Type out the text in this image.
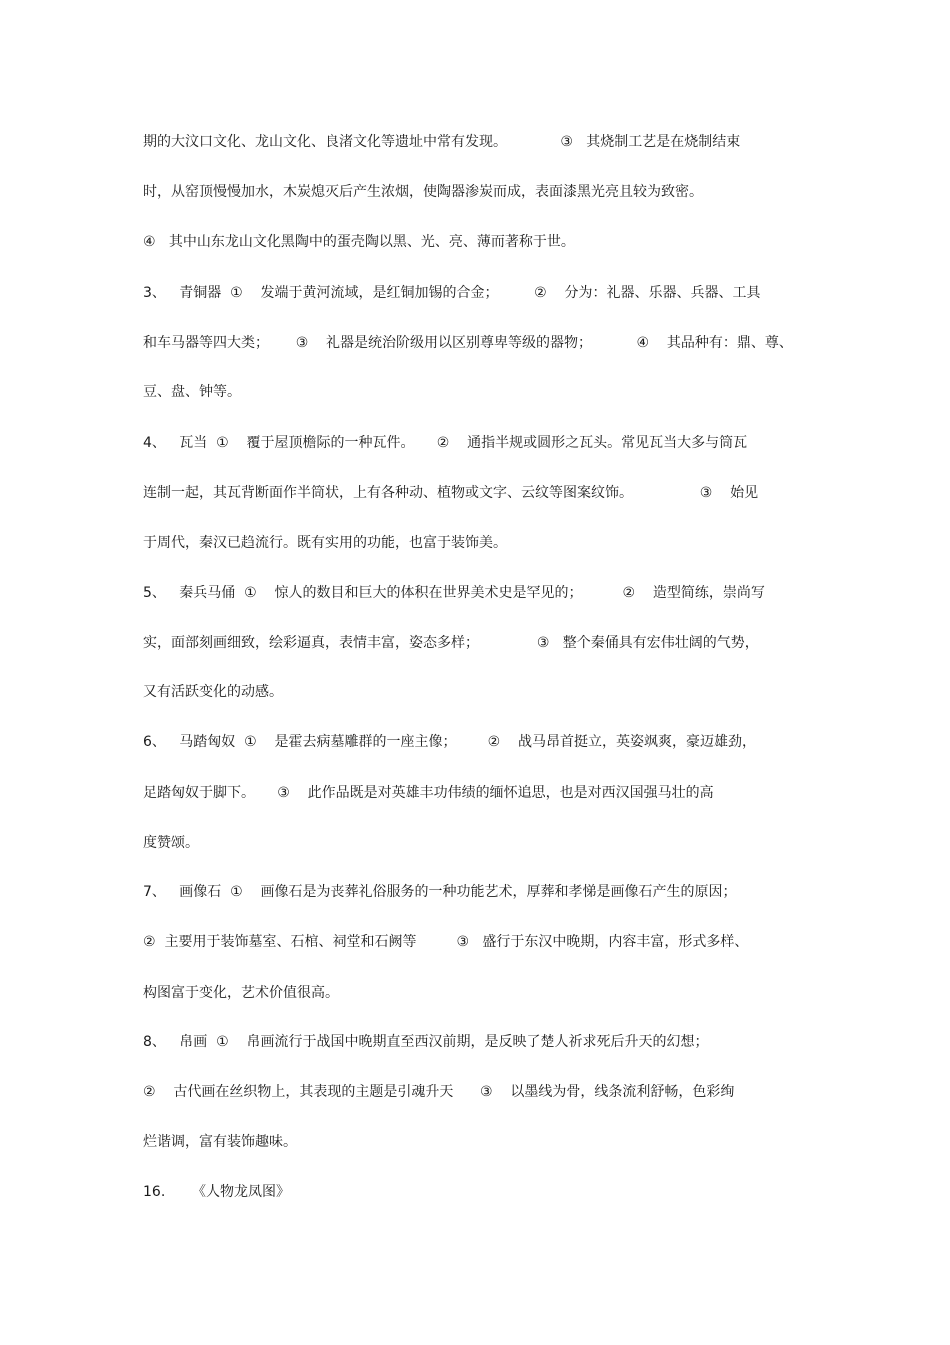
期的大汶口文化、龙山文化、良渚文化等遗址中常有发现。            ③   其烧制工艺是在烧制结束
时，从窑顶慢慢加水，木炭熄灭后产生浓烟，使陶器渗炭而成，表面漆黑光亮且较为致密。
④   其中山东龙山文化黑陶中的蛋壳陶以黑、光、亮、薄而著称于世。
3、   青铜器  ①    发端于黄河流域，是红铜加锡的合金；        ②    分为：礼器、乐器、兵器、工具
和车马器等四大类；      ③    礼器是统治阶级用以区别尊卑等级的器物；          ④    其品种有：鼎、尊、
豆、盘、钟等。
4、   瓦当  ①    覆于屋顶檐际的一种瓦件。     ②    通指半规或圆形之瓦头。常见瓦当大多与筒瓦
连制一起，其瓦背断面作半筒状，上有各种动、植物或文字、云纹等图案纹饰。               ③    始见
于周代，秦汉已趋流行。既有实用的功能，也富于装饰美。
5、   秦兵马俑  ①    惊人的数目和巨大的体积在世界美术史是罕见的；         ②    造型简练，崇尚写
实，面部刻画细致，绘彩逼真，表情丰富，姿态多样；             ③   整个秦俑具有宏伟壮阔的气势，
又有活跃变化的动感。
6、   马踏匈奴  ①    是霍去病墓雕群的一座主像；       ②    战马昂首挺立，英姿飒爽，豪迈雄劲，
足踏匈奴于脚下。     ③    此作品既是对英雄丰功伟绩的缅怀追思，也是对西汉国强马壮的高
度赞颂。
7、   画像石  ①    画像石是为丧葬礼俗服务的一种功能艺术，厚葬和孝悌是画像石产生的原因；
②  主要用于装饰墓室、石棺、祠堂和石阙等         ③   盛行于东汉中晚期，内容丰富，形式多样、
构图富于变化，艺术价值很高。
8、   帛画  ①    帛画流行于战国中晚期直至西汉前期，是反映了楚人祈求死后升天的幻想；
②    古代画在丝织物上，其表现的主题是引魂升天      ③    以墨线为骨，线条流利舒畅，色彩绚
烂谐调，富有装饰趣味。
16.      《人物龙凤图》
